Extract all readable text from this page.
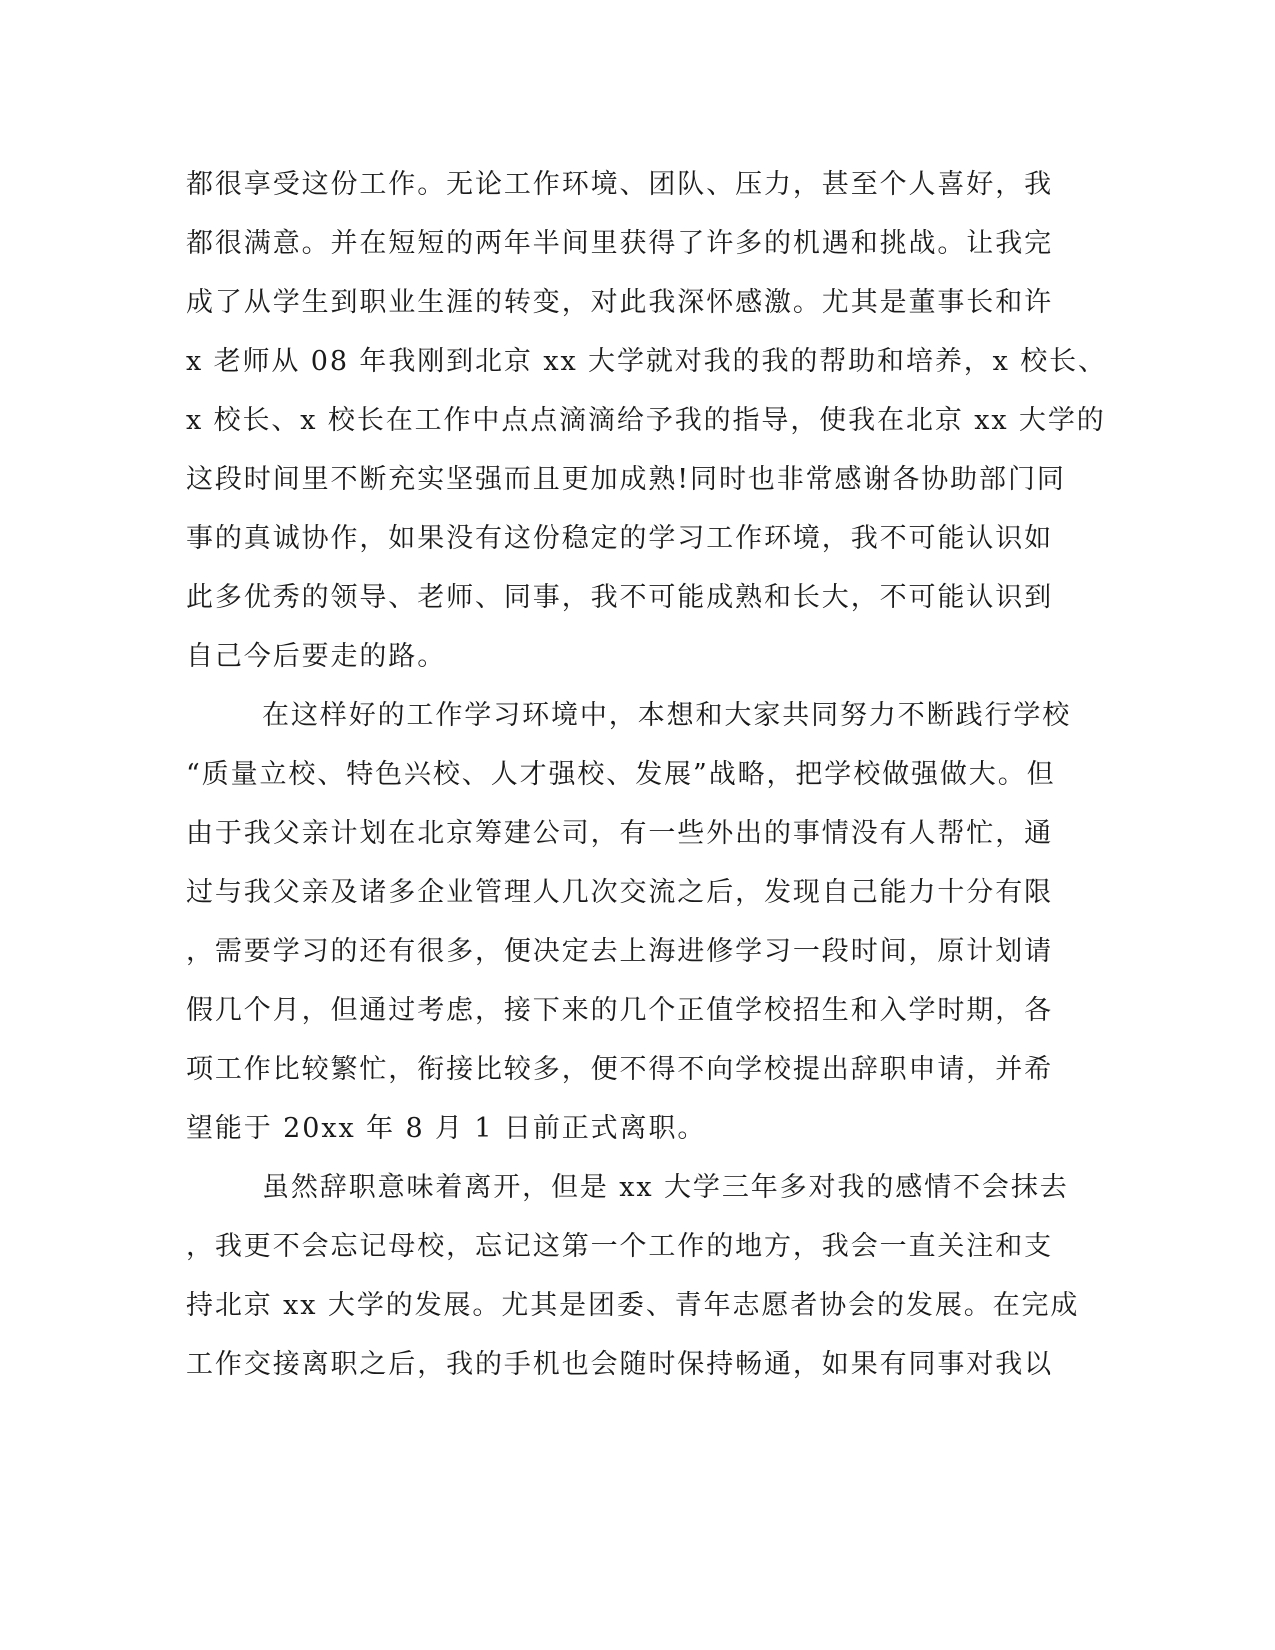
都很享受这份工作。无论工作环境、团队、压力，甚至个人喜好，我
都很满意。并在短短的两年半间里获得了许多的机遇和挑战。让我完
成了从学生到职业生涯的转变，对此我深怀感激。尤其是董事长和许
x 老师从 08 年我刚到北京 xx 大学就对我的我的帮助和培养，x 校长、
x 校长、x 校长在工作中点点滴滴给予我的指导，使我在北京 xx 大学的
这段时间里不断充实坚强而且更加成熟!同时也非常感谢各协助部门同
事的真诚协作，如果没有这份稳定的学习工作环境，我不可能认识如
此多优秀的领导、老师、同事，我不可能成熟和长大，不可能认识到
自己今后要走的路。
在这样好的工作学习环境中，本想和大家共同努力不断践行学校
“质量立校、特色兴校、人才强校、发展”战略，把学校做强做大。但
由于我父亲计划在北京筹建公司，有一些外出的事情没有人帮忙，通
过与我父亲及诸多企业管理人几次交流之后，发现自己能力十分有限
，需要学习的还有很多，便决定去上海进修学习一段时间，原计划请
假几个月，但通过考虑，接下来的几个正值学校招生和入学时期，各
项工作比较繁忙，衔接比较多，便不得不向学校提出辞职申请，并希
望能于 20xx 年 8 月 1 日前正式离职。
虽然辞职意味着离开，但是 xx 大学三年多对我的感情不会抹去
，我更不会忘记母校，忘记这第一个工作的地方，我会一直关注和支
持北京 xx 大学的发展。尤其是团委、青年志愿者协会的发展。在完成
工作交接离职之后，我的手机也会随时保持畅通，如果有同事对我以
